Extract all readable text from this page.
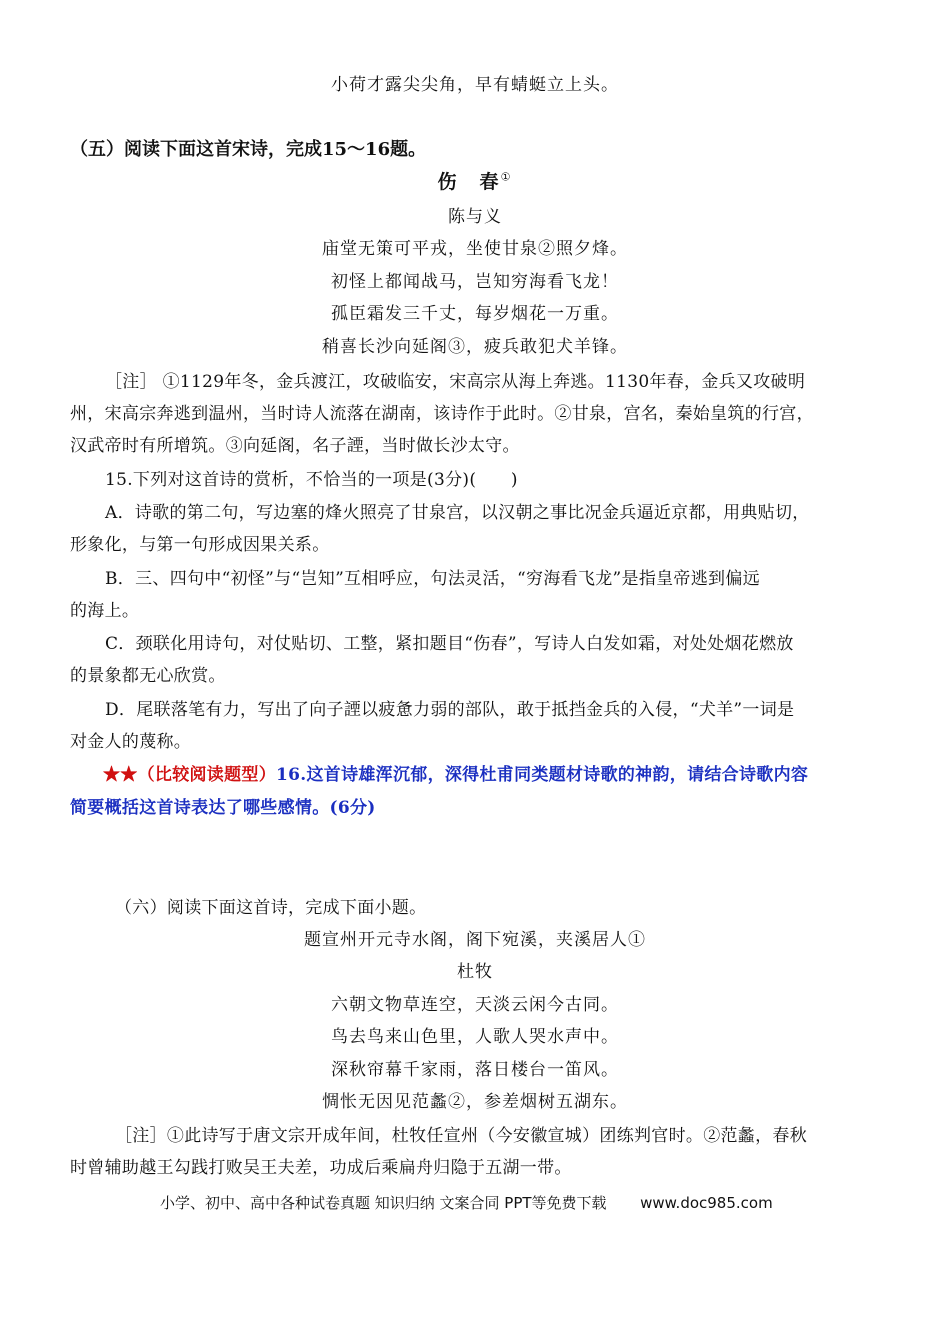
小荷才露尖尖角，早有蜻蜓立上头。
（五）阅读下面这首宋诗，完成15～16题。
伤　春①
陈与义
庙堂无策可平戎，坐使甘泉②照夕烽。
初怪上都闻战马，岂知穷海看飞龙！
孤臣霜发三千丈，每岁烟花一万重。
稍喜长沙向延阁③，疲兵敢犯犬羊锋。
［注］ ①1129年冬，金兵渡江，攻破临安，宋高宗从海上奔逃。1130年春，金兵又攻破明
州，宋高宗奔逃到温州，当时诗人流落在湖南，该诗作于此时。②甘泉，宫名，秦始皇筑的行宫，
汉武帝时有所增筑。③向延阁，名子諲，当时做长沙太守。
15.下列对这首诗的赏析，不恰当的一项是(3分)(　　)
A．诗歌的第二句，写边塞的烽火照亮了甘泉宫，以汉朝之事比况金兵逼近京都，用典贴切，
形象化，与第一句形成因果关系。
B．三、四句中“初怪”与“岂知”互相呼应，句法灵活，“穷海看飞龙”是指皇帝逃到偏远
的海上。
C．颈联化用诗句，对仗贴切、工整，紧扣题目“伤春”，写诗人白发如霜，对处处烟花燃放
的景象都无心欣赏。
D．尾联落笔有力，写出了向子諲以疲惫力弱的部队，敢于抵挡金兵的入侵，“犬羊”一词是
对金人的蔑称。
★★（比较阅读题型）16.这首诗雄浑沉郁，深得杜甫同类题材诗歌的神韵，请结合诗歌内容
简要概括这首诗表达了哪些感情。(6分)
（六）阅读下面这首诗，完成下面小题。
题宣州开元寺水阁，阁下宛溪，夹溪居人①
杜牧
六朝文物草连空，天淡云闲今古同。
鸟去鸟来山色里，人歌人哭水声中。
深秋帘幕千家雨，落日楼台一笛风。
惆怅无因见范蠡②，参差烟树五湖东。
［注］①此诗写于唐文宗开成年间，杜牧任宣州（今安徽宣城）团练判官时。②范蠡，春秋
时曾辅助越王勾践打败吴王夫差，功成后乘扁舟归隐于五湖一带。
小学、初中、高中各种试卷真题 知识归纳 文案合同 PPT等免费下载 www.doc985.com
